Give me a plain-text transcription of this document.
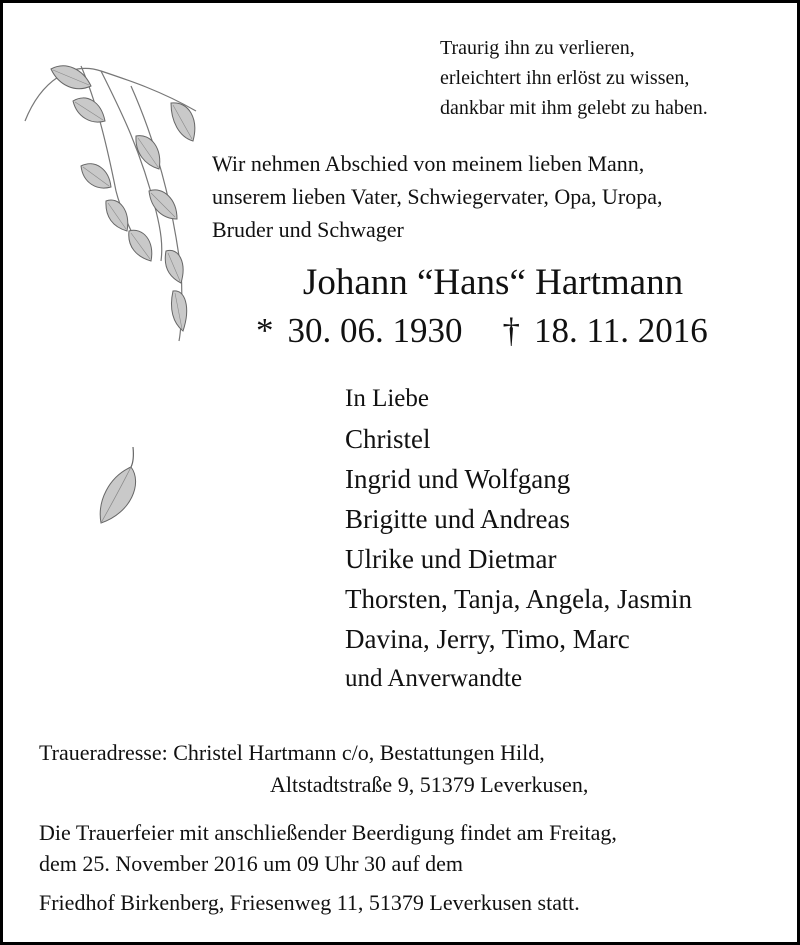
Traurig ihn zu verlieren,
erleichtert ihn erlöst zu wissen,
dankbar mit ihm gelebt zu haben.
Wir nehmen Abschied von meinem lieben Mann,
unserem lieben Vater, Schwiegervater, Opa, Uropa,
Bruder und Schwager
Johann “Hans“ Hartmann
* 30. 06. 1930 † 18. 11. 2016
In Liebe
Christel
Ingrid und Wolfgang
Brigitte und Andreas
Ulrike und Dietmar
Thorsten, Tanja, Angela, Jasmin
Davina, Jerry, Timo, Marc
und Anverwandte
Traueradresse: Christel Hartmann c/o, Bestattungen Hild,
Altstadtstraße 9, 51379 Leverkusen,
Die Trauerfeier mit anschließender Beerdigung findet am Freitag,
dem 25. November 2016 um 09 Uhr 30 auf dem
Friedhof Birkenberg, Friesenweg 11, 51379 Leverkusen statt.
